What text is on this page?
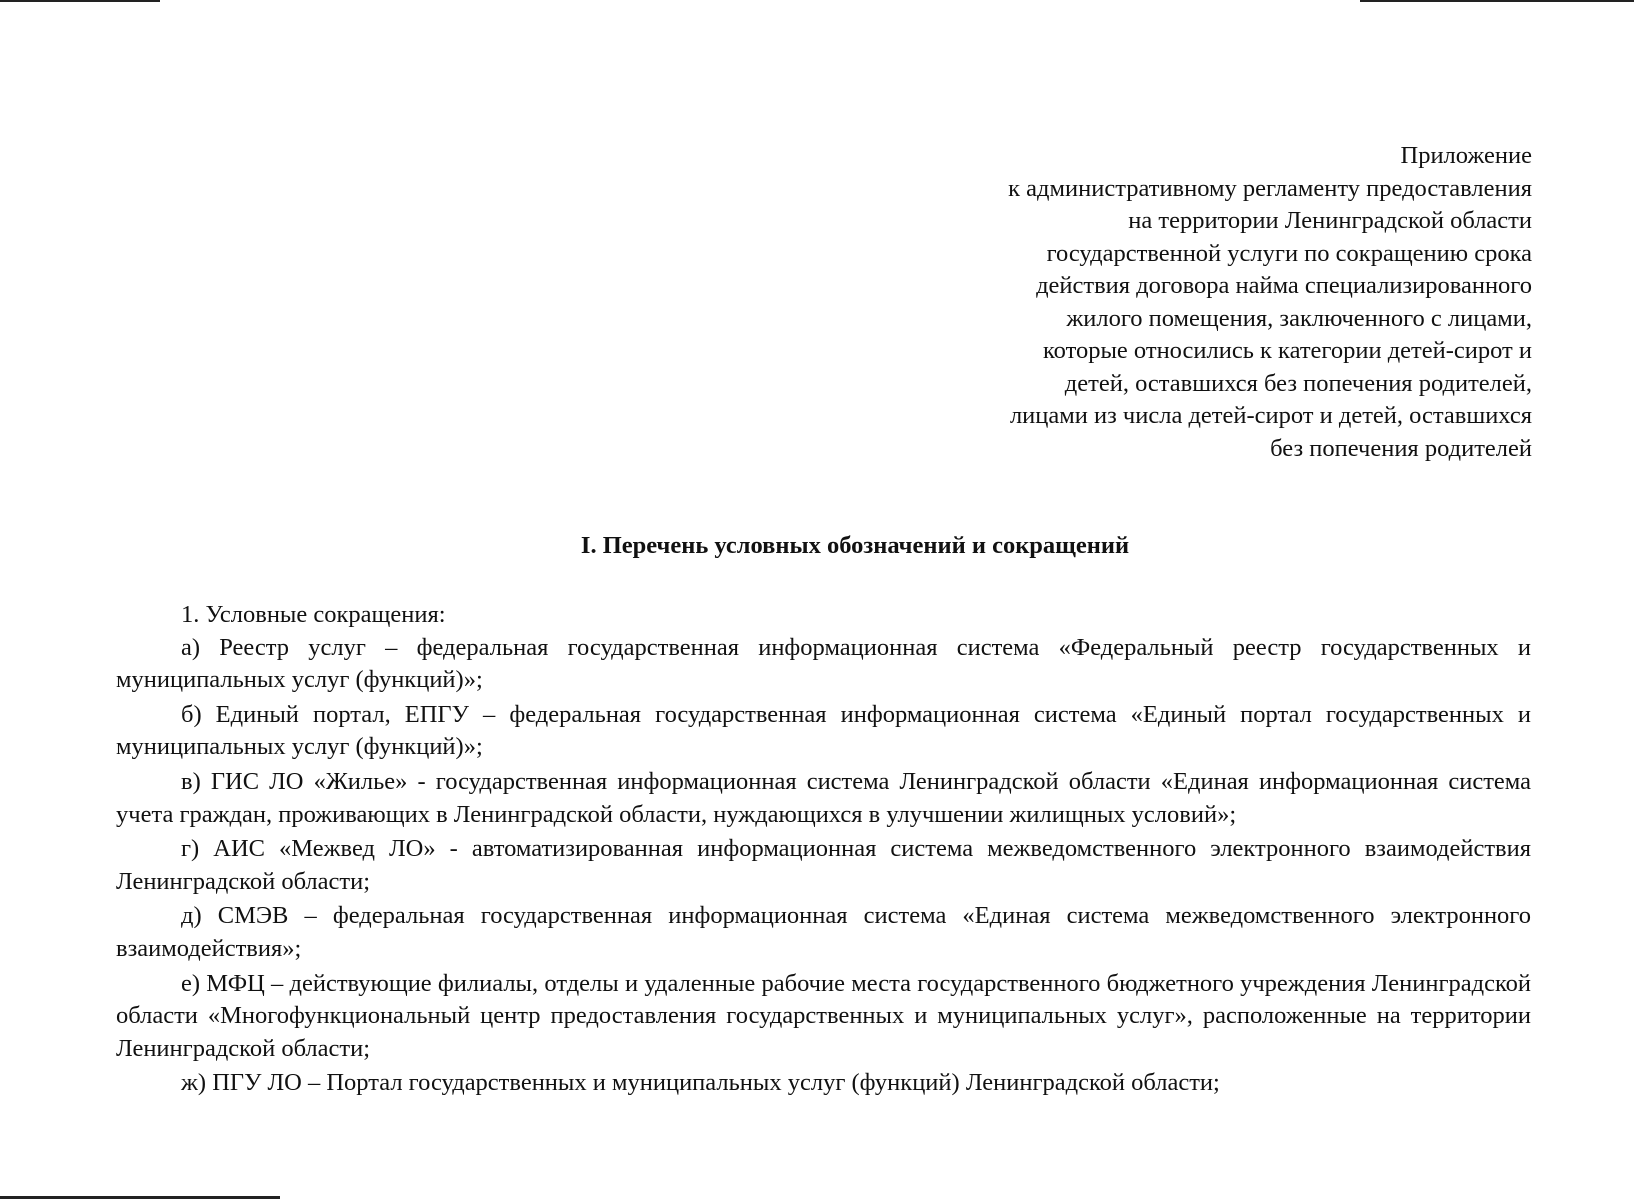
Приложение
к административному регламенту предоставления
на территории Ленинградской области
государственной услуги по сокращению срока
действия договора найма специализированного
жилого помещения, заключенного с лицами,
которые относились к категории детей-сирот и
детей, оставшихся без попечения родителей,
лицами из числа детей-сирот и детей, оставшихся
без попечения родителей
I. Перечень условных обозначений и сокращений

1. Условные сокращения:

а) Реестр услуг – федеральная государственная информационная система «Федеральный реестр государственных и муниципальных услуг (функций)»;

б) Единый портал, ЕПГУ – федеральная государственная информационная система «Единый портал государственных и муниципальных услуг (функций)»;

в) ГИС ЛО «Жилье» - государственная информационная система Ленинградской области «Единая информационная система учета граждан, проживающих в Ленинградской области, нуждающихся в улучшении жилищных условий»;

г) АИС «Межвед ЛО» - автоматизированная информационная система межведомственного электронного взаимодействия Ленинградской области;

д) СМЭВ – федеральная государственная информационная система «Единая система межведомственного электронного взаимодействия»;

е) МФЦ – действующие филиалы, отделы и удаленные рабочие места государственного бюджетного учреждения Ленинградской области «Многофункциональный центр предоставления государственных и муниципальных услуг», расположенные на территории Ленинградской области;

ж) ПГУ ЛО – Портал государственных и муниципальных услуг (функций) Ленинградской области;
